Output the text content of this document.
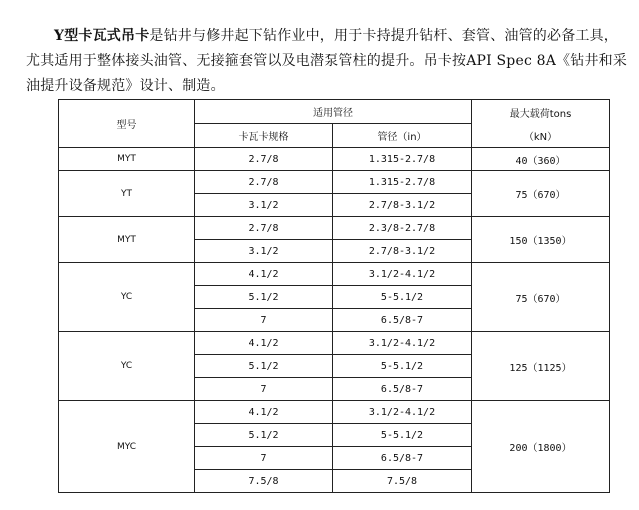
Y型卡瓦式吊卡是钻井与修井起下钻作业中，用于卡持提升钻杆、套管、油管的必备工具，尤其适用于整体接头油管、无接箍套管以及电潜泵管柱的提升。吊卡按API Spec 8A《钻井和采油提升设备规范》设计、制造。

型号	适用管径		最大载荷tons
（kN）

	卡瓦卡规格	管径（in）	
MYT	2.7/8	1.315-2.7/8	40（360）
YT	2.7/8	1.315-2.7/8	75（670）
	3.1/2	2.7/8-3.1/2	
MYT	2.7/8	2.3/8-2.7/8	150（1350）
	3.1/2	2.7/8-3.1/2	
YC	4.1/2	3.1/2-4.1/2	75（670）
	5.1/2	5-5.1/2	
	7	6.5/8-7	
YC	4.1/2	3.1/2-4.1/2	125（1125）
	5.1/2	5-5.1/2	
	7	6.5/8-7	
MYC	4.1/2	3.1/2-4.1/2	200（1800）
	5.1/2	5-5.1/2	
	7	6.5/8-7	
	7.5/8	7.5/8	
